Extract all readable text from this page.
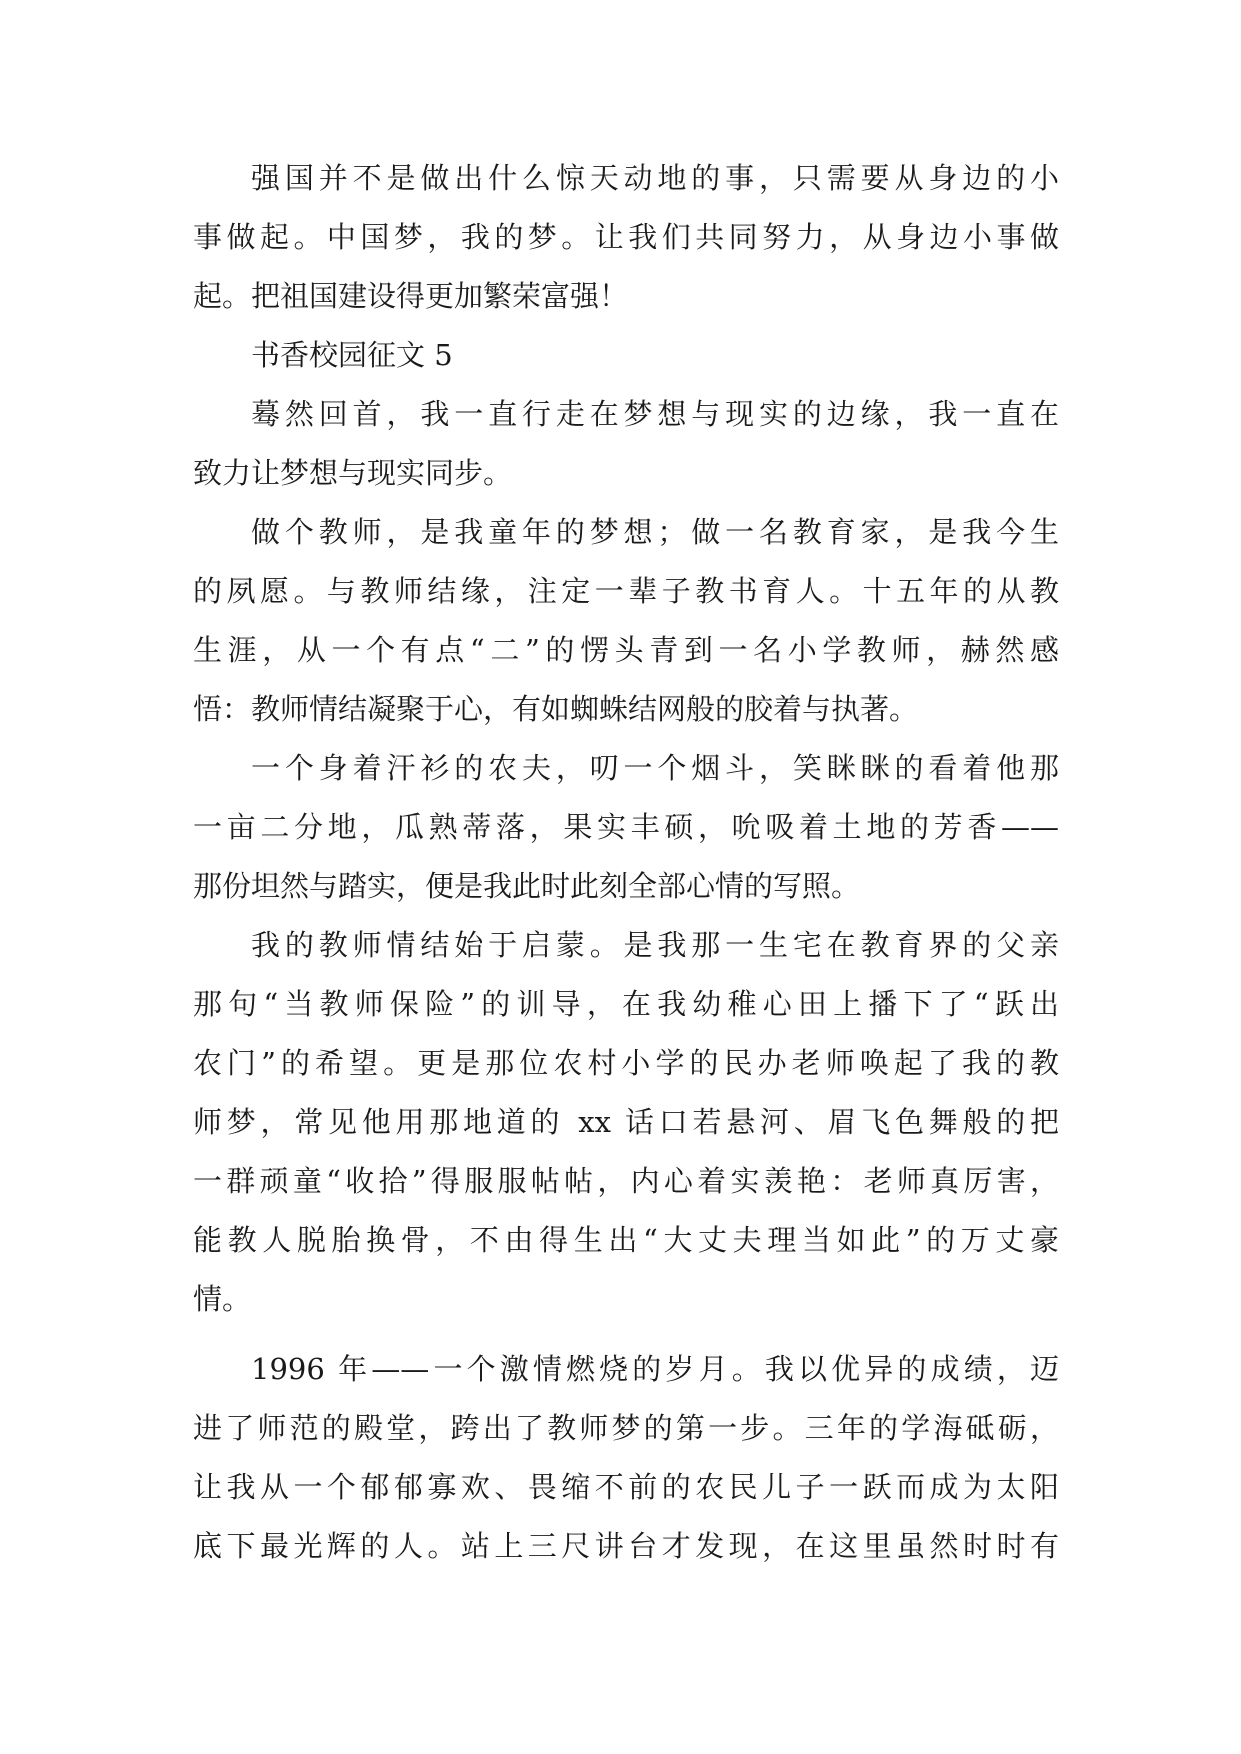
强国并不是做出什么惊天动地的事，只需要从身边的小
事做起。中国梦，我的梦。让我们共同努力，从身边小事做
起。把祖国建设得更加繁荣富强！
书香校园征文 5
蓦然回首，我一直行走在梦想与现实的边缘，我一直在
致力让梦想与现实同步。
做个教师，是我童年的梦想；做一名教育家，是我今生
的夙愿。与教师结缘，注定一辈子教书育人。十五年的从教
生涯，从一个有点“二”的愣头青到一名小学教师，赫然感
悟：教师情结凝聚于心，有如蜘蛛结网般的胶着与执著。
一个身着汗衫的农夫，叨一个烟斗，笑眯眯的看着他那
一亩二分地，瓜熟蒂落，果实丰硕，吮吸着土地的芳香——
那份坦然与踏实，便是我此时此刻全部心情的写照。
我的教师情结始于启蒙。是我那一生宅在教育界的父亲
那句“当教师保险”的训导，在我幼稚心田上播下了“跃出
农门”的希望。更是那位农村小学的民办老师唤起了我的教
师梦，常见他用那地道的 xx 话口若悬河、眉飞色舞般的把
一群顽童“收拾”得服服帖帖，内心着实羡艳：老师真厉害，
能教人脱胎换骨，不由得生出“大丈夫理当如此”的万丈豪
情。
1996 年——一个激情燃烧的岁月。我以优异的成绩，迈
进了师范的殿堂，跨出了教师梦的第一步。三年的学海砥砺，
让我从一个郁郁寡欢、畏缩不前的农民儿子一跃而成为太阳
底下最光辉的人。站上三尺讲台才发现，在这里虽然时时有
